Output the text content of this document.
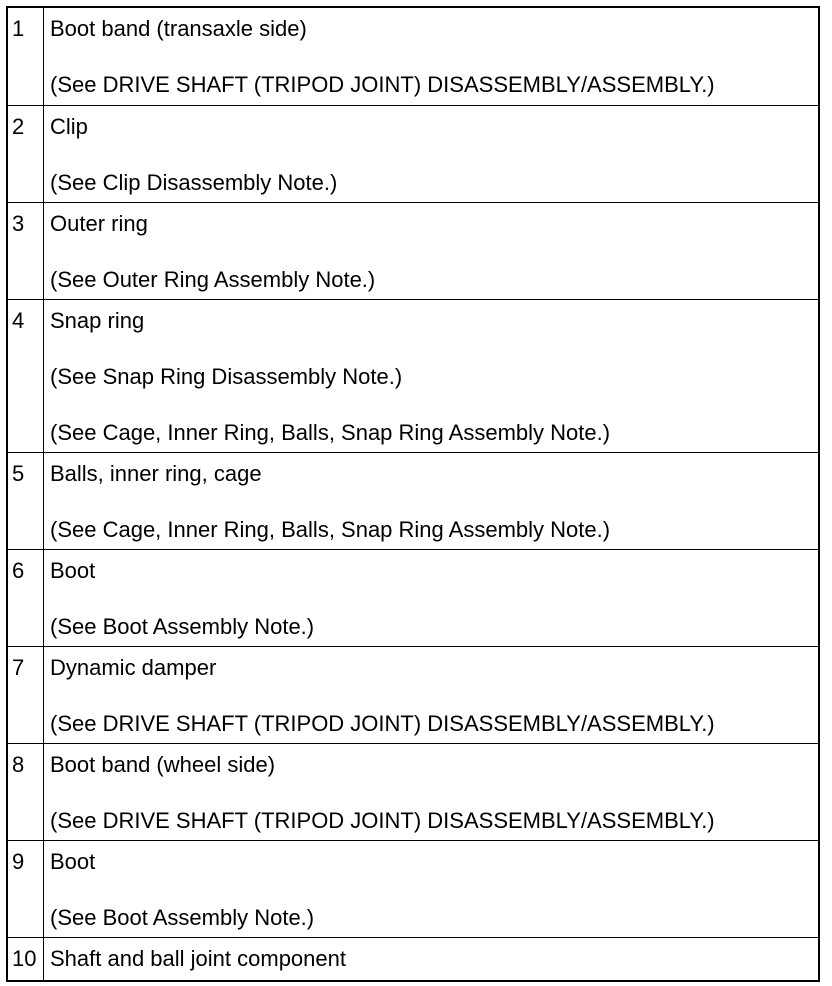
1	Boot band (transaxle side)
(See DRIVE SHAFT (TRIPOD JOINT) DISASSEMBLY/ASSEMBLY.)
2	Clip
(See Clip Disassembly Note.)
3	Outer ring
(See Outer Ring Assembly Note.)
4	Snap ring
(See Snap Ring Disassembly Note.)
(See Cage, Inner Ring, Balls, Snap Ring Assembly Note.)
5	Balls, inner ring, cage
(See Cage, Inner Ring, Balls, Snap Ring Assembly Note.)
6	Boot
(See Boot Assembly Note.)
7	Dynamic damper
(See DRIVE SHAFT (TRIPOD JOINT) DISASSEMBLY/ASSEMBLY.)
8	Boot band (wheel side)
(See DRIVE SHAFT (TRIPOD JOINT) DISASSEMBLY/ASSEMBLY.)
9	Boot
(See Boot Assembly Note.)
10 Shaft and ball joint component
